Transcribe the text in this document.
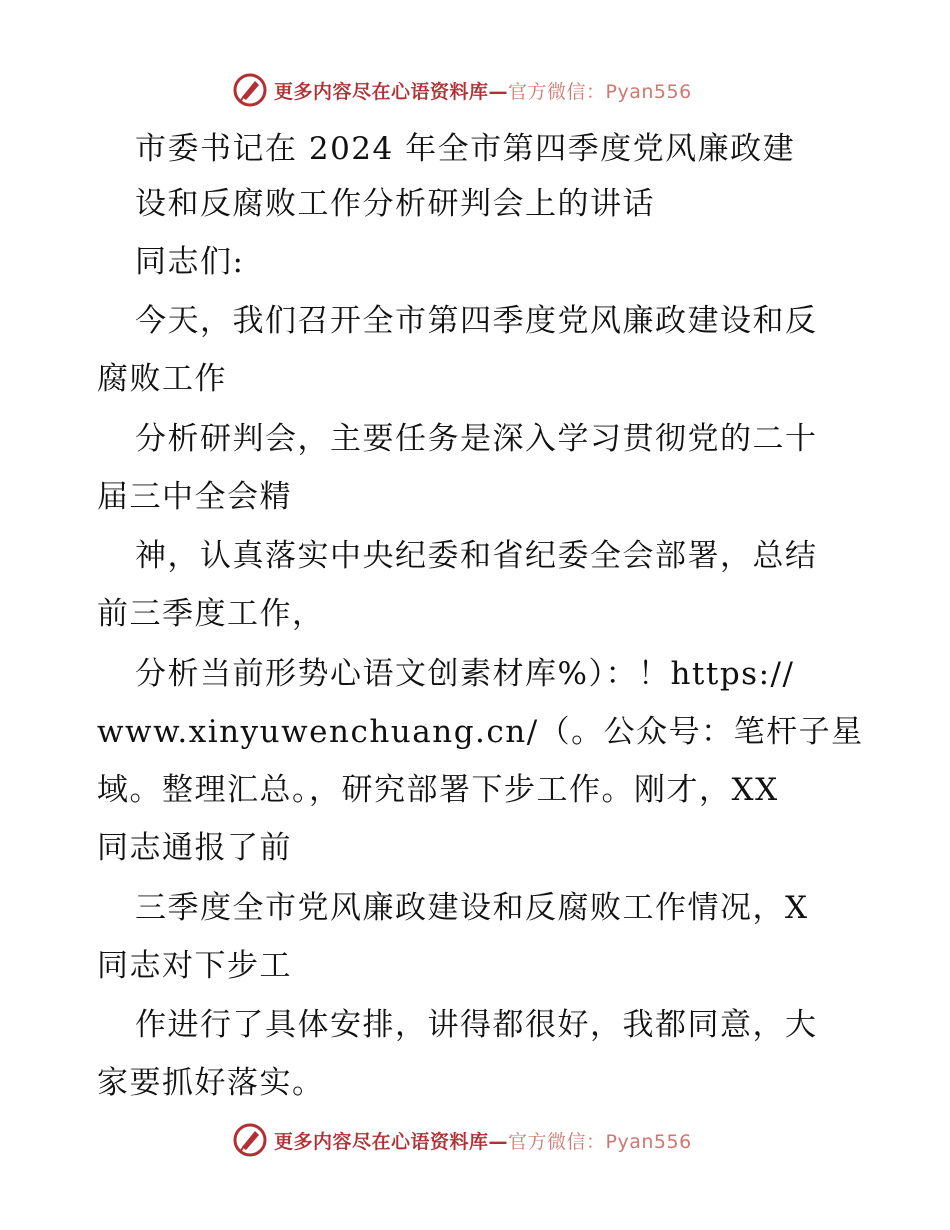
更多内容尽在心语资料库—官方微信：Pyan556
市委书记在 2024 年全市第四季度党风廉政建
设和反腐败工作分析研判会上的讲话
同志们:
今天，我们召开全市第四季度党风廉政建设和反
腐败工作
分析研判会，主要任务是深入学习贯彻党的二十
届三中全会精
神，认真落实中央纪委和省纪委全会部署，总结
前三季度工作，
分析当前形势心语文创素材库%）：！https://
www.xinyuwenchuang.cn/（。公众号：笔杆子星
域。整理汇总。，研究部署下步工作。刚才，XX
同志通报了前
三季度全市党风廉政建设和反腐败工作情况，X
同志对下步工
作进行了具体安排，讲得都很好，我都同意，大
家要抓好落实。
更多内容尽在心语资料库—官方微信：Pyan556
